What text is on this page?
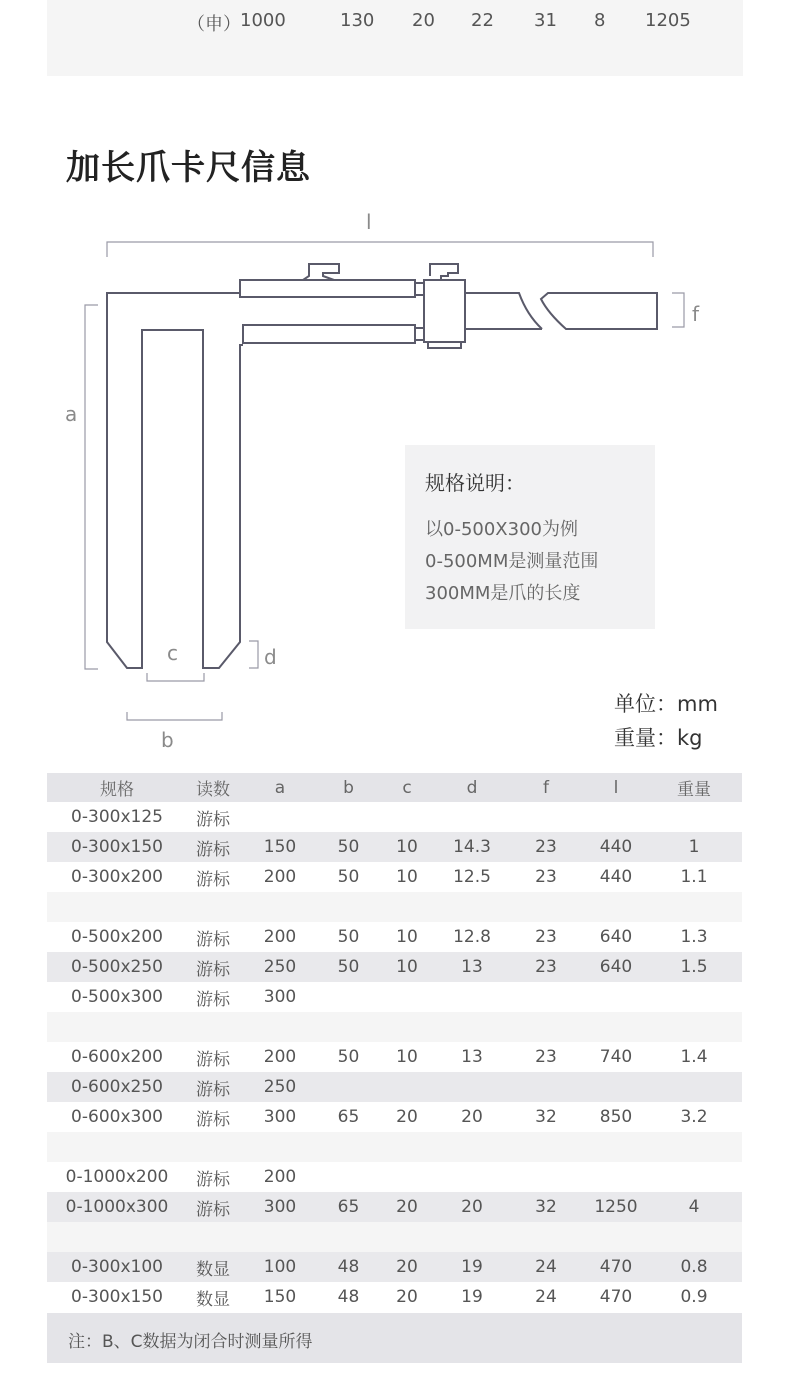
（申） 1000	130 20 22 31 8 1205
加长爪卡尺信息
l
f
a
c	d
b
规格说明：
以0-500X300为例
0-500MM是测量范围
300MM是爪的长度
单位：mm
重量：kg
规格	读数	a	b	c	d	f	l	重量
0-300x125	游标							
0-300x150	游标	150	50	10	14.3	23	440	1
0-300x200	游标	200	50	10	12.5	23	440	1.1

0-500x200	游标	200	50	10	12.8	23	640	1.3
0-500x250	游标	250	50	10	13	23	640	1.5
0-500x300	游标	300						

0-600x200	游标	200	50	10	13	23	740	1.4
0-600x250	游标	250						
0-600x300	游标	300	65	20	20	32	850	3.2

0-1000x200	游标	200						
0-1000x300	游标	300	65	20	20	32	1250	4

0-300x100	数显	100	48	20	19	24	470	0.8
0-300x150	数显	150	48	20	19	24	470	0.9
注：B、C数据为闭合时测量所得
